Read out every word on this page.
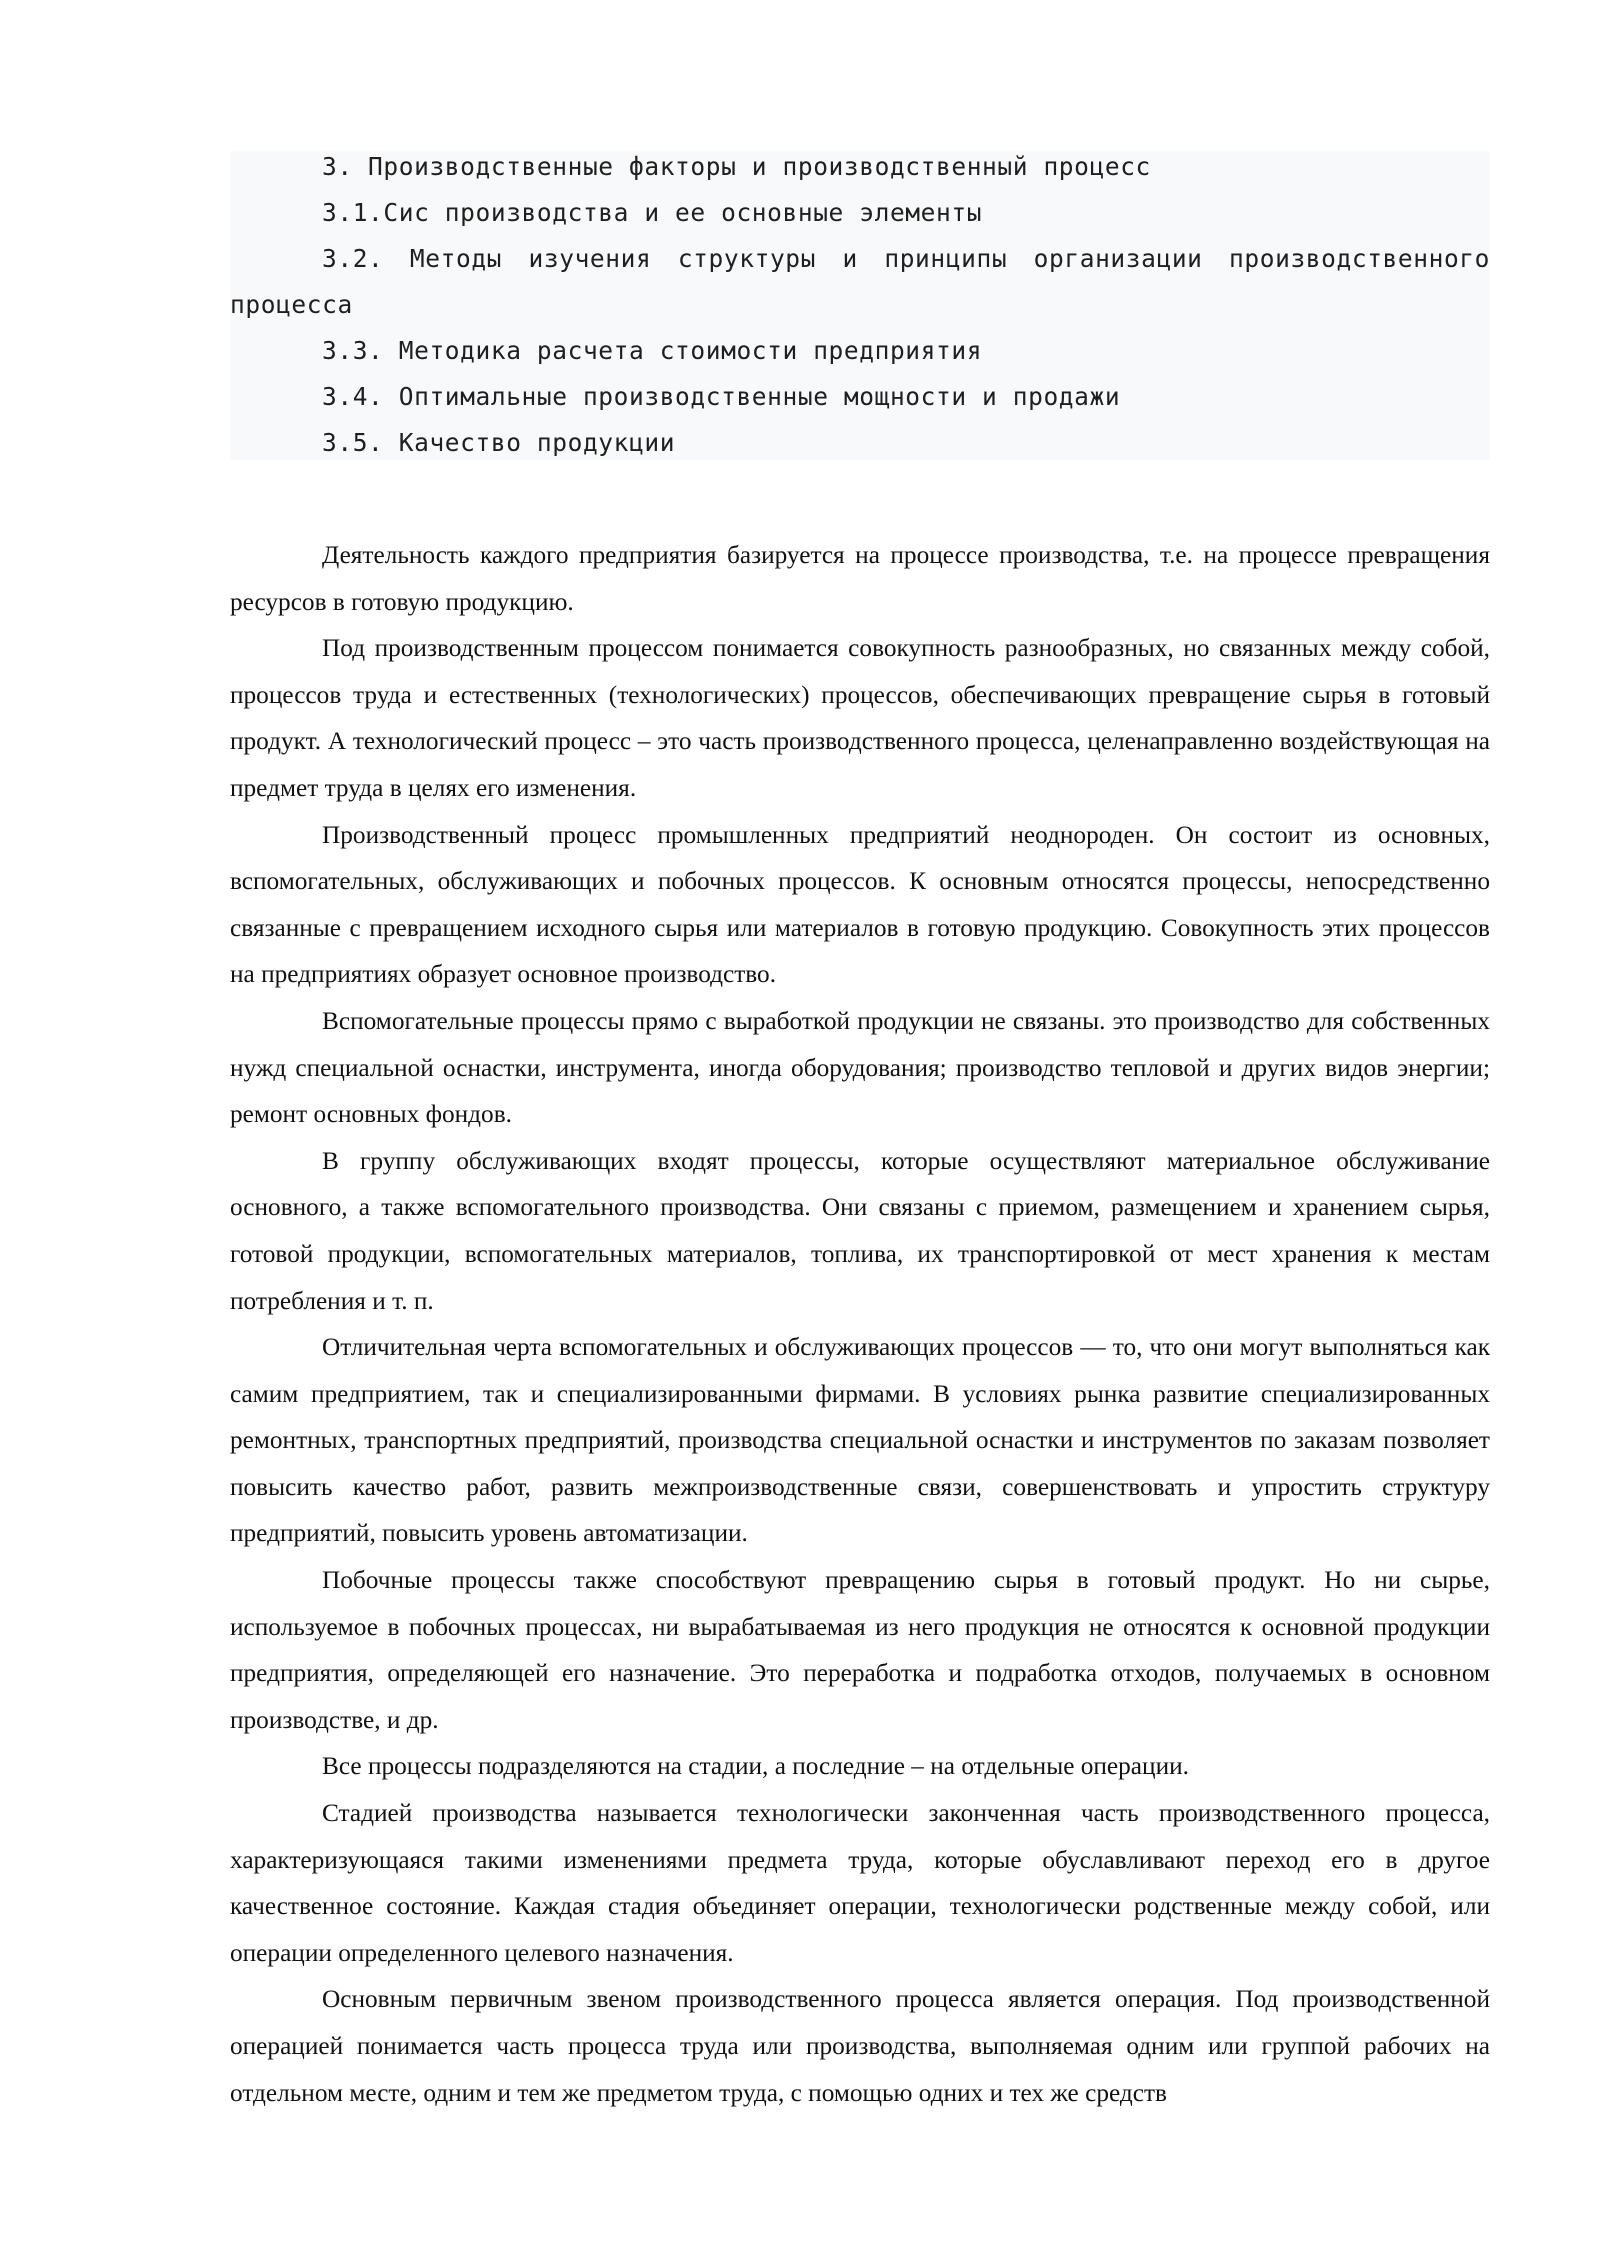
3. Производственные факторы и производственный процесс
3.1.Сис производства и ее основные элементы
3.2. Методы изучения структуры и принципы организации производственного
процесса
3.3. Методика расчета стоимости предприятия
3.4. Оптимальные производственные мощности и продажи
3.5. Качество продукции

Деятельность каждого предприятия базируется на процессе производства, т.е. на процессе превращения ресурсов в готовую продукцию.

Под производственным процессом понимается совокупность разнообразных, но связанных между собой, процессов труда и естественных (технологических) процессов, обеспечивающих превращение сырья в готовый продукт. А технологический процесс – это часть производственного процесса, целенаправленно воздействующая на предмет труда в целях его изменения.

Производственный процесс промышленных предприятий неоднороден. Он состоит из основных, вспомогательных, обслуживающих и побочных процессов. К основным относятся процессы, непосредственно связанные с превращением исходного сырья или материалов в готовую продукцию. Совокупность этих процессов на предприятиях образует основное производство.

Вспомогательные процессы прямо с выработкой продукции не связаны. это производство для собственных нужд специальной оснастки, инструмента, иногда оборудования; производство тепловой и других видов энергии; ремонт основных фондов.

В группу обслуживающих входят процессы, которые осуществляют материальное обслуживание основного, а также вспомогательного производства. Они связаны с приемом, размещением и хранением сырья, готовой продукции, вспомогательных материалов, топлива, их транспортировкой от мест хранения к местам потребления и т. п.

Отличительная черта вспомогательных и обслуживающих процессов — то, что они могут выполняться как самим предприятием, так и специализированными фирмами. В условиях рынка развитие специализированных ремонтных, транспортных предприятий, производства специальной оснастки и инструментов по заказам позволяет повысить качество работ, развить межпроизводственные связи, совершенствовать и упростить структуру предприятий, повысить уровень автоматизации.

Побочные процессы также способствуют превращению сырья в готовый продукт. Но ни сырье, используемое в побочных процессах, ни вырабатываемая из него продукция не относятся к основной продукции предприятия, определяющей его назначение. Это переработка и подработка отходов, получаемых в основном производстве, и др.

Все процессы подразделяются на стадии, а последние – на отдельные операции.

Стадией производства называется технологически законченная часть производственного процесса, характеризующаяся такими изменениями предмета труда, которые обуславливают переход его в другое качественное состояние. Каждая стадия объединяет операции, технологически родственные между собой, или операции определенного целевого назначения.

Основным первичным звеном производственного процесса является операция. Под производственной операцией понимается часть процесса труда или производства, выполняемая одним или группой рабочих на отдельном месте, одним и тем же предметом труда, с помощью одних и тех же средств
